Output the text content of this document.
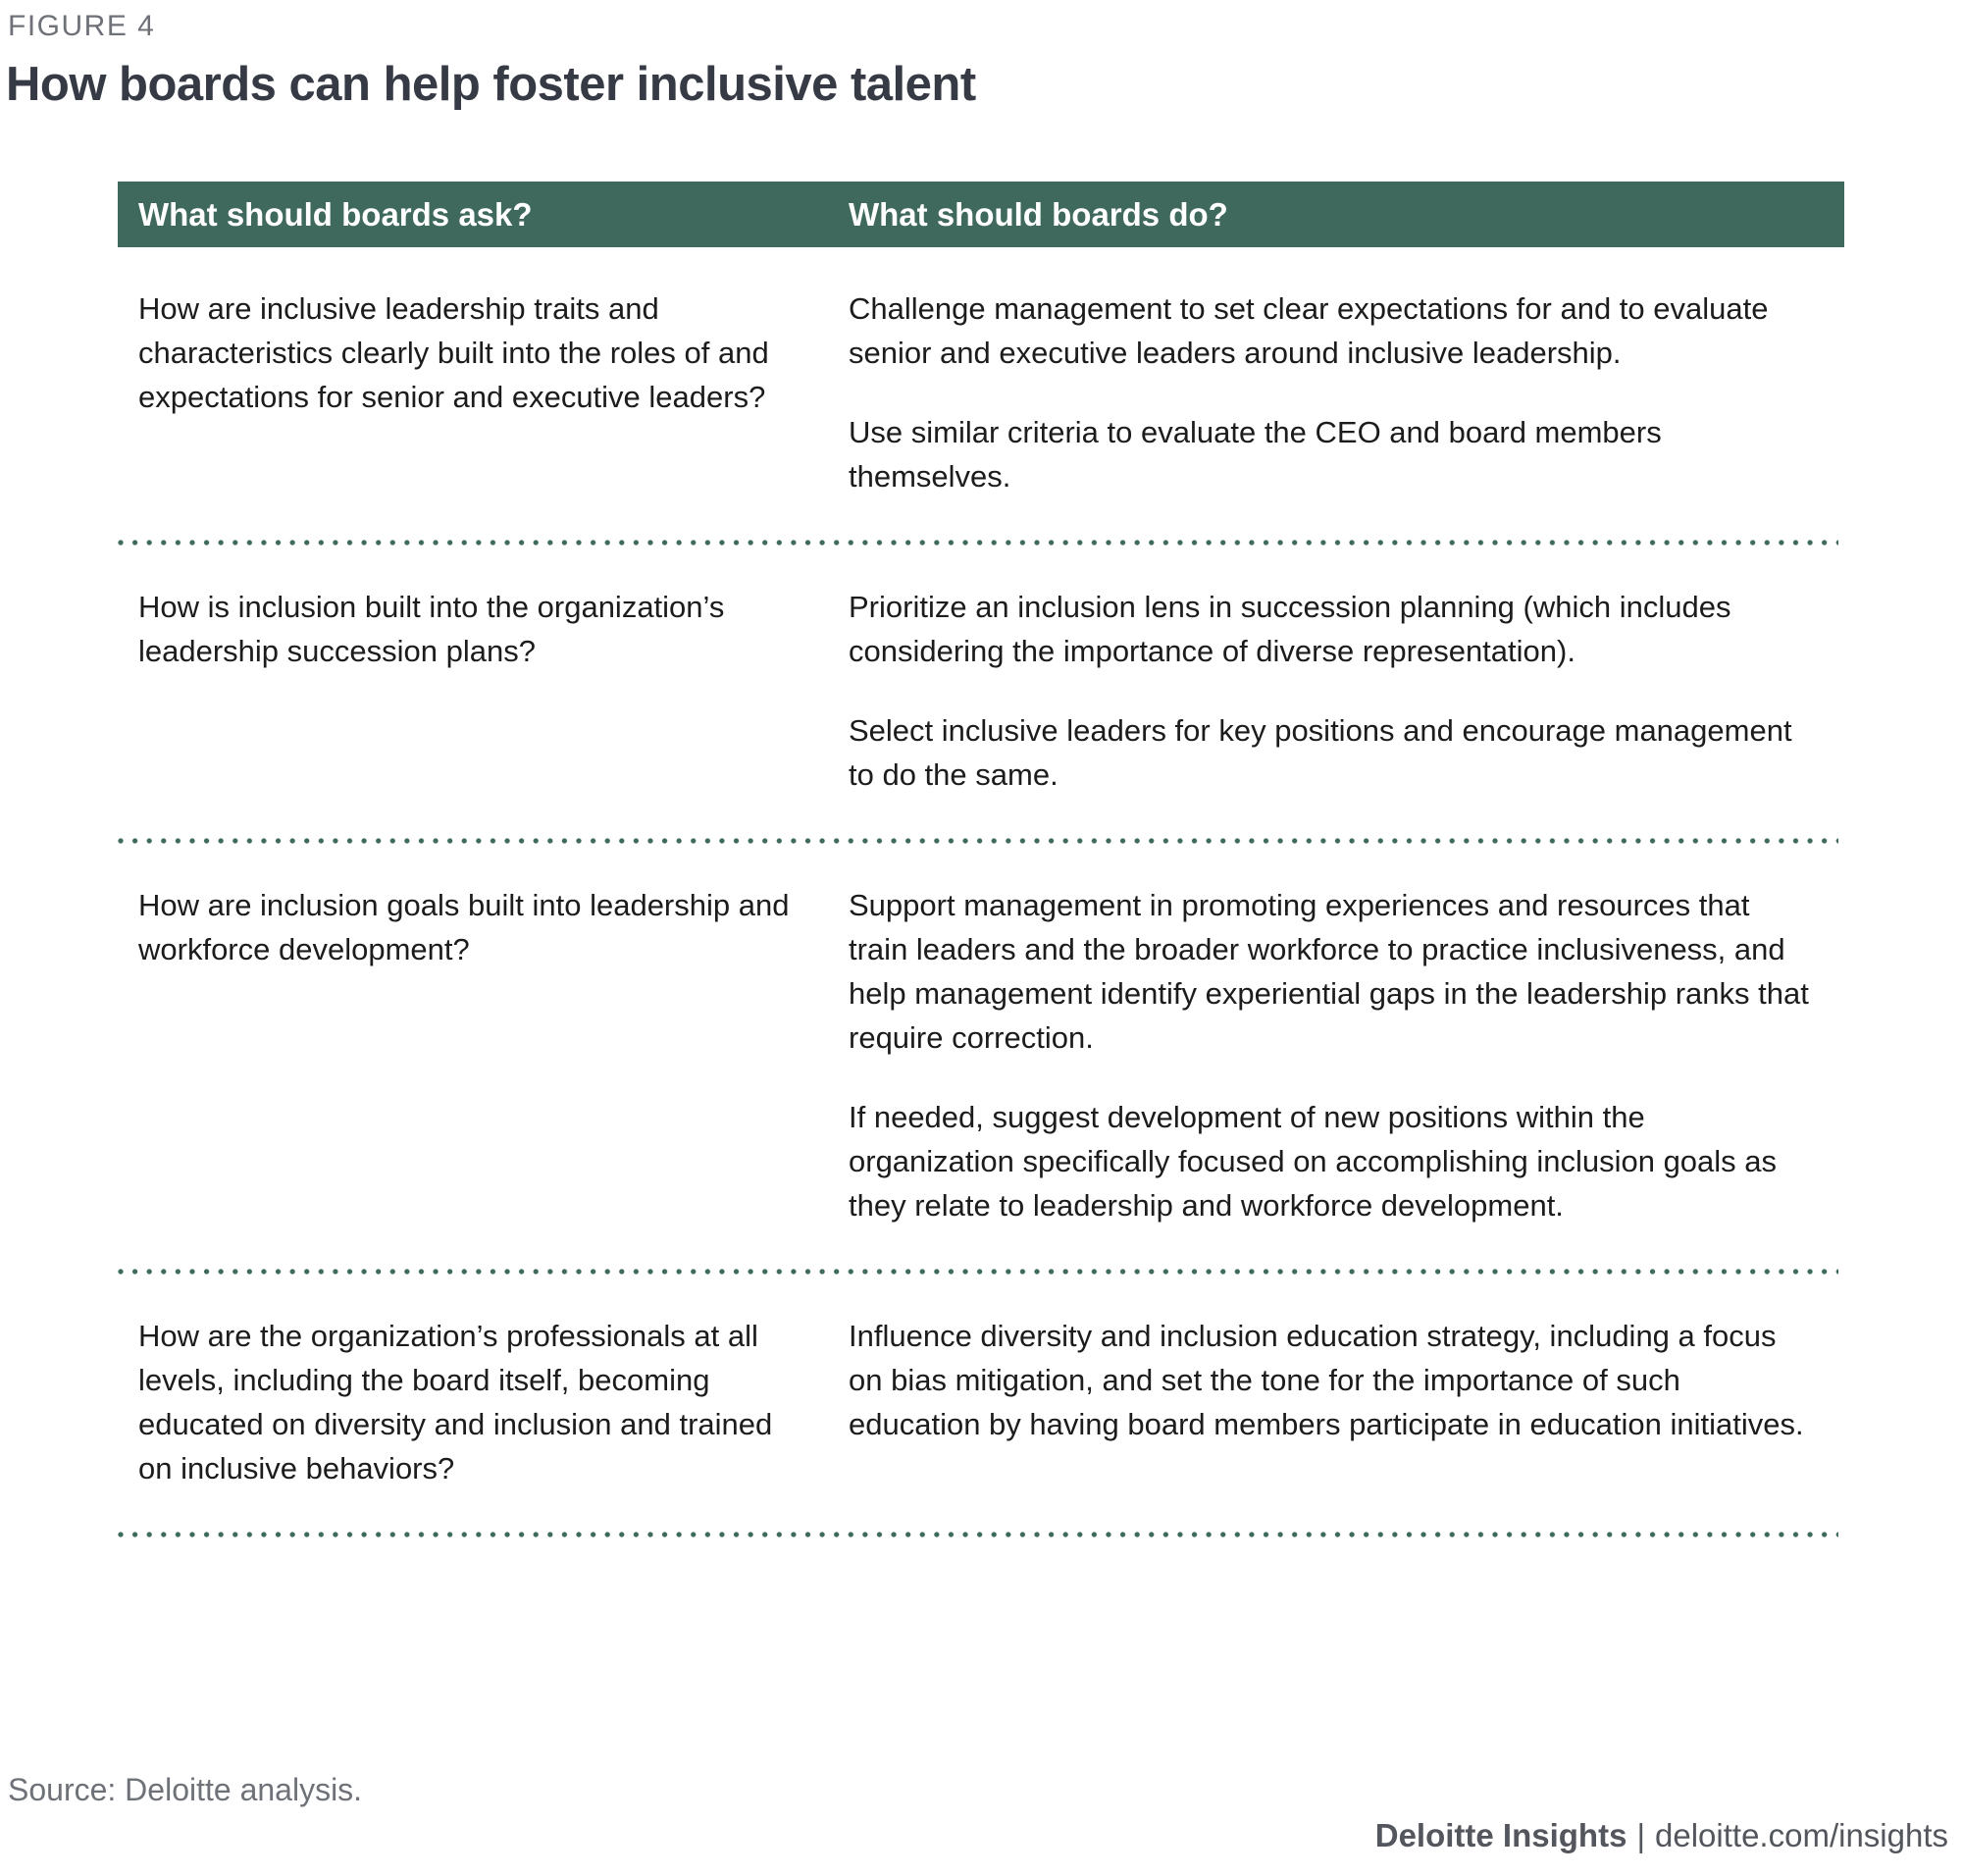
FIGURE 4
How boards can help foster inclusive talent
What should boards ask?	What should boards do?
How are inclusive leadership traits and characteristics clearly built into the roles of and expectations for senior and executive leaders?

Challenge management to set clear expectations for and to evaluate senior and executive leaders around inclusive leadership.

Use similar criteria to evaluate the CEO and board members themselves.

How is inclusion built into the organization’s leadership succession plans?

Prioritize an inclusion lens in succession planning (which includes considering the importance of diverse representation).

Select inclusive leaders for key positions and encourage management to do the same.

How are inclusion goals built into leadership and workforce development?

Support management in promoting experiences and resources that train leaders and the broader workforce to practice inclusiveness, and help management identify experiential gaps in the leadership ranks that require correction.

If needed, suggest development of new positions within the organization specifically focused on accomplishing inclusion goals as they relate to leadership and workforce development.

How are the organization’s professionals at all levels, including the board itself, becoming educated on diversity and inclusion and trained on inclusive behaviors?

Influence diversity and inclusion education strategy, including a focus on bias mitigation, and set the tone for the importance of such education by having board members participate in education initiatives.

Source: Deloitte analysis.
Deloitte Insights | deloitte.com/insights
